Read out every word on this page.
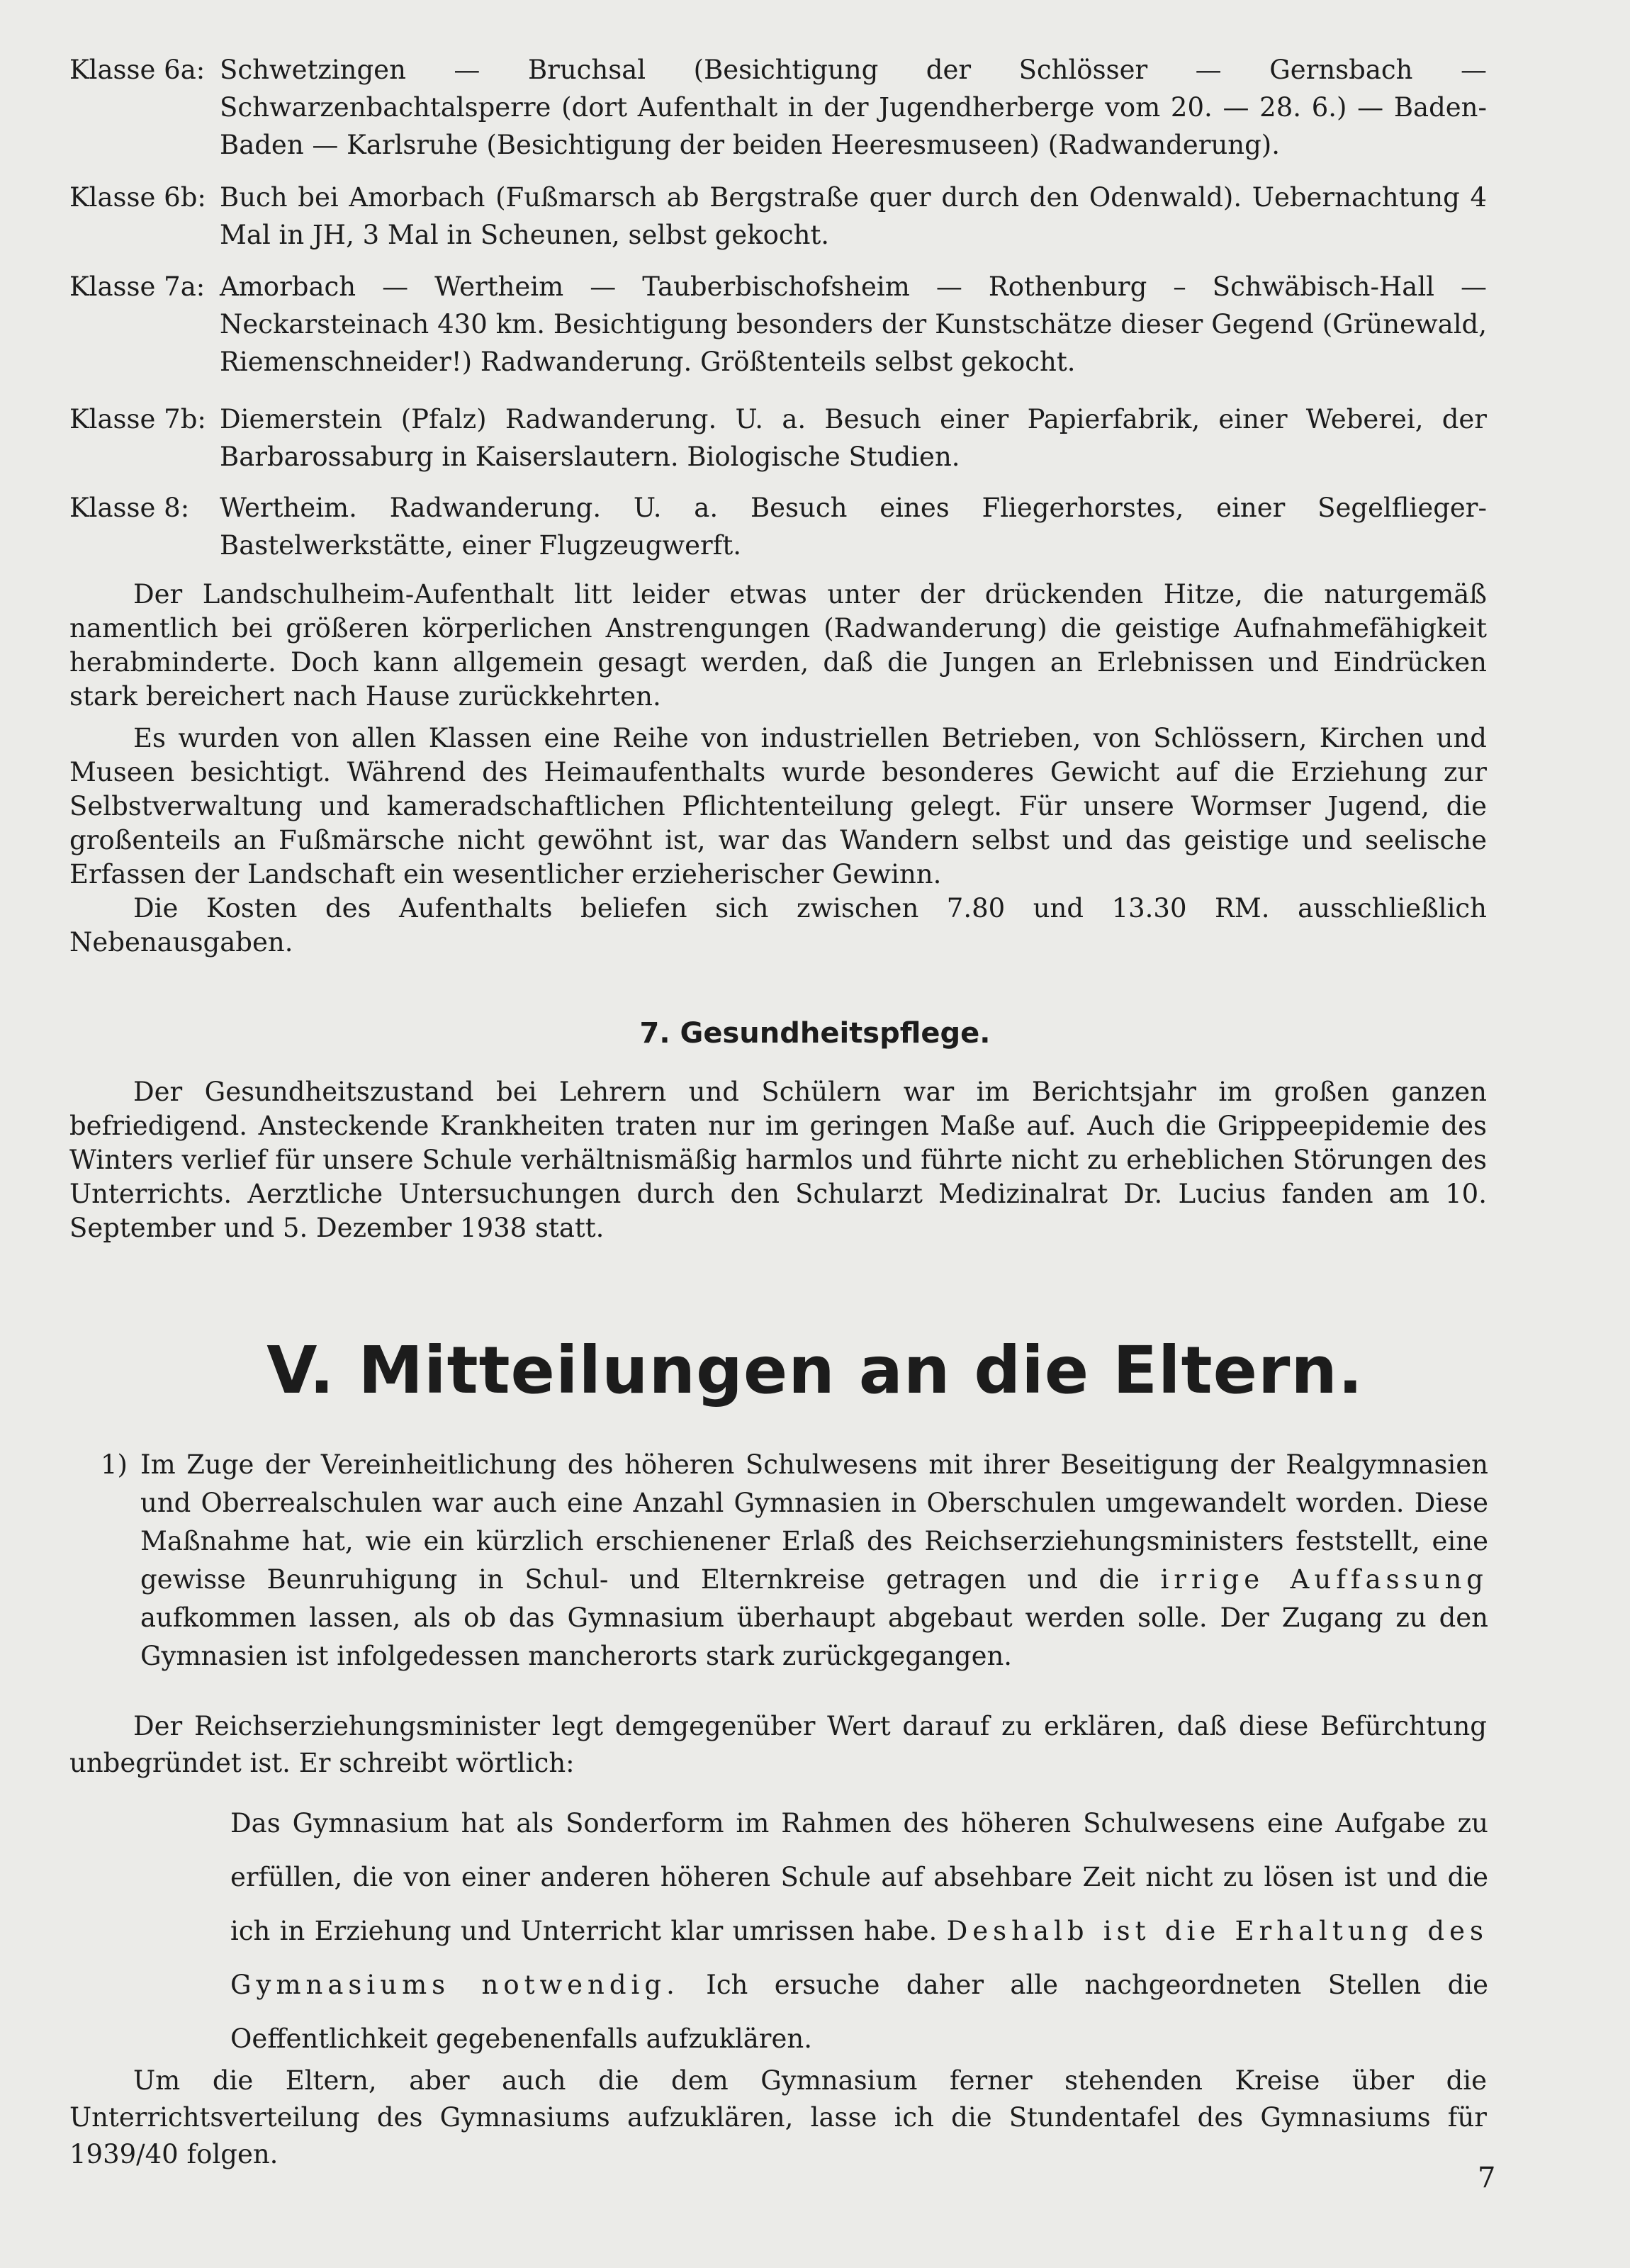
Klasse 6a: Schwetzingen — Bruchsal (Besichtigung der Schlösser — Gernsbach — Schwarzenbachtalsperre (dort Aufenthalt in der Jugendherberge vom 20. — 28. 6.) — Baden-Baden — Karlsruhe (Besichtigung der beiden Heeresmuseen) (Radwanderung).
Klasse 6b: Buch bei Amorbach (Fußmarsch ab Bergstraße quer durch den Odenwald). Uebernachtung 4 Mal in JH, 3 Mal in Scheunen, selbst gekocht.
Klasse 7a: Amorbach — Wertheim — Tauberbischofsheim — Rothenburg – Schwäbisch-Hall — Neckarsteinach 430 km. Besichtigung besonders der Kunstschätze dieser Gegend (Grünewald, Riemenschneider!) Radwanderung. Größtenteils selbst gekocht.
Klasse 7b: Diemerstein (Pfalz) Radwanderung. U. a. Besuch einer Papierfabrik, einer Weberei, der Barbarossaburg in Kaiserslautern. Biologische Studien.
Klasse 8:	Wertheim. Radwanderung. U. a. Besuch eines Fliegerhorstes, einer Segelflieger-Bastelwerkstätte, einer Flugzeugwerft.
Der Landschulheim-Aufenthalt litt leider etwas unter der drückenden Hitze, die naturgemäß namentlich bei größeren körperlichen Anstrengungen (Radwanderung) die geistige Aufnahmefähigkeit herabminderte. Doch kann allgemein gesagt werden, daß die Jungen an Erlebnissen und Eindrücken stark bereichert nach Hause zurückkehrten.
Es wurden von allen Klassen eine Reihe von industriellen Betrieben, von Schlössern, Kirchen und Museen besichtigt. Während des Heimaufenthalts wurde besonderes Gewicht auf die Erziehung zur Selbstverwaltung und kameradschaftlichen Pflichtenteilung gelegt. Für unsere Wormser Jugend, die großenteils an Fußmärsche nicht gewöhnt ist, war das Wandern selbst und das geistige und seelische Erfassen der Landschaft ein wesentlicher erzieherischer Gewinn.
Die Kosten des Aufenthalts beliefen sich zwischen 7.80 und 13.30 RM. ausschließlich Nebenausgaben.
7. Gesundheitspflege.
Der Gesundheitszustand bei Lehrern und Schülern war im Berichtsjahr im großen ganzen befriedigend. Ansteckende Krankheiten traten nur im geringen Maße auf. Auch die Grippeepidemie des Winters verlief für unsere Schule verhältnismäßig harmlos und führte nicht zu erheblichen Störungen des Unterrichts. Aerztliche Untersuchungen durch den Schularzt Medizinalrat Dr. Lucius fanden am 10. September und 5. Dezember 1938 statt.
V. Mitteilungen an die Eltern.
1) Im Zuge der Vereinheitlichung des höheren Schulwesens mit ihrer Beseitigung der Realgymnasien und Oberrealschulen war auch eine Anzahl Gymnasien in Oberschulen umgewandelt worden. Diese Maßnahme hat, wie ein kürzlich erschienener Erlaß des Reichserziehungsministers feststellt, eine gewisse Beunruhigung in Schul- und Elternkreise getragen und die irrige Auffassung aufkommen lassen, als ob das Gymnasium überhaupt abgebaut werden solle. Der Zugang zu den Gymnasien ist infolgedessen mancherorts stark zurückgegangen.
Der Reichserziehungsminister legt demgegenüber Wert darauf zu erklären, daß diese Befürchtung unbegründet ist. Er schreibt wörtlich:
Das Gymnasium hat als Sonderform im Rahmen des höheren Schulwesens eine Aufgabe zu erfüllen, die von einer anderen höheren Schule auf absehbare Zeit nicht zu lösen ist und die ich in Erziehung und Unterricht klar umrissen habe. Deshalb ist die Erhaltung des Gymnasiums notwendig. Ich ersuche daher alle nachgeordneten Stellen die Oeffentlichkeit gegebenenfalls aufzuklären.
Um die Eltern, aber auch die dem Gymnasium ferner stehenden Kreise über die Unterrichtsverteilung des Gymnasiums aufzuklären, lasse ich die Stundentafel des Gymnasiums für 1939/40 folgen.
7
